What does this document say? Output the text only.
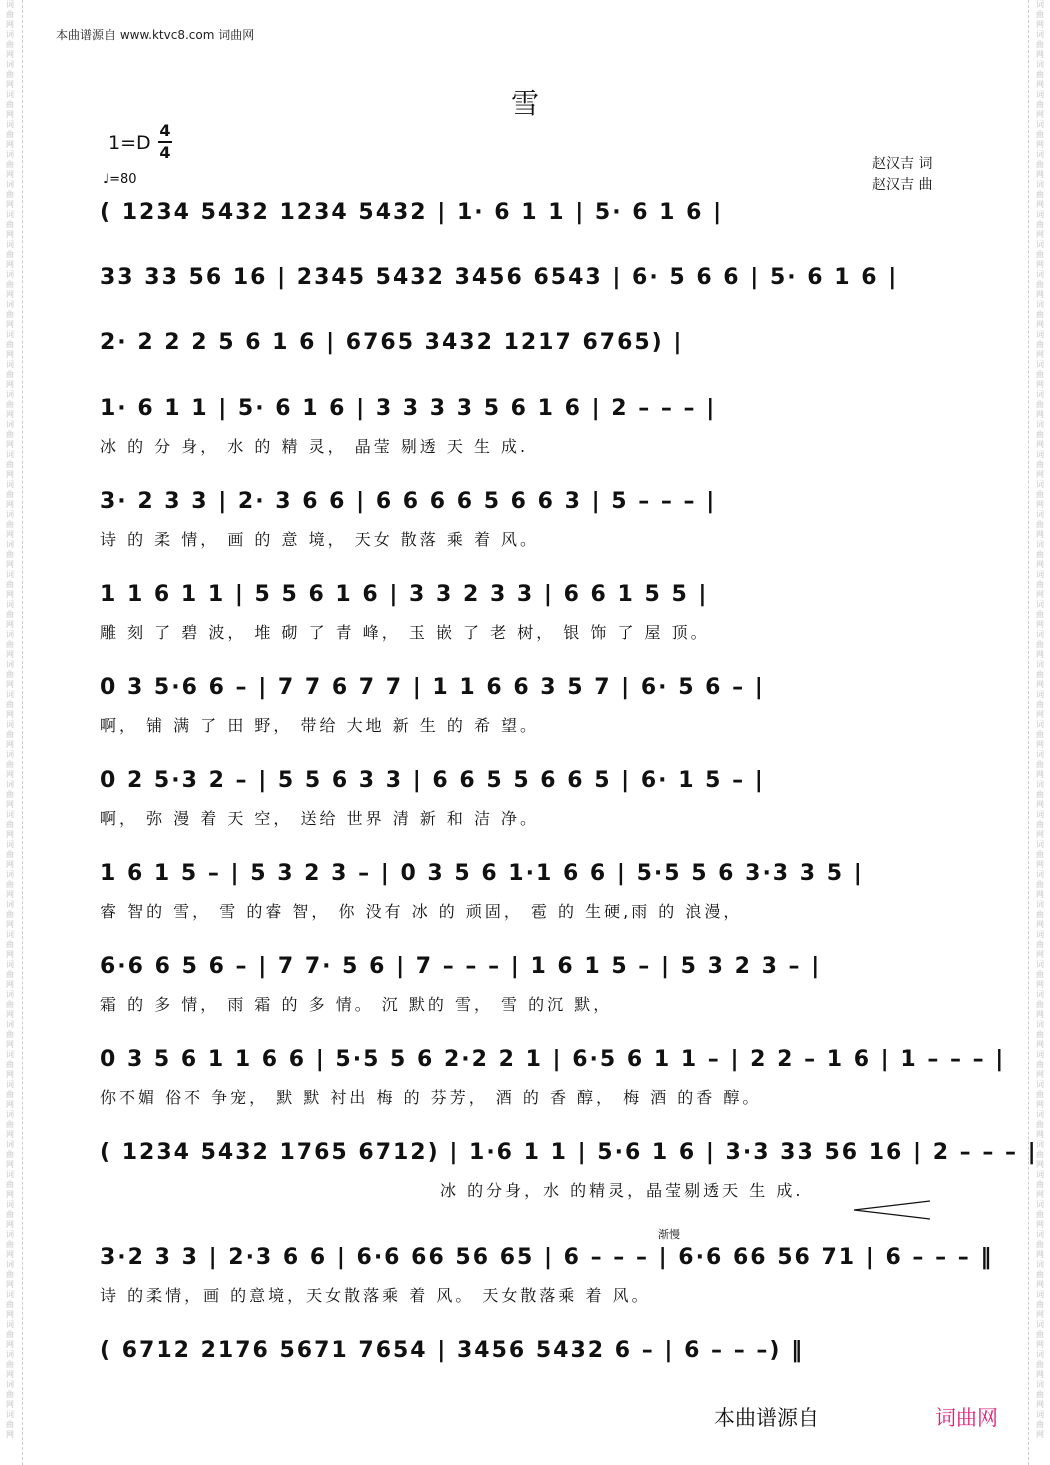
词
曲
网
词
曲
网
词
曲
网
词
曲
网
词
曲
网
词
曲
网
词
曲
网
词
曲
网
词
曲
网
词
曲
网
词
曲
网
词
曲
网
词
曲
网
词
曲
网
词
曲
网
词
曲
网
词
曲
网
词
曲
网
词
曲
网
词
曲
网
词
曲
网
词
曲
网
词
曲
网
词
曲
网
词
曲
网
词
曲
网
词
曲
网
词
曲
网
词
曲
网
词
曲
网
词
曲
网
词
曲
网
词
曲
网
词
曲
网
词
曲
网
词
曲
网
词
曲
网
词
曲
网
词
曲
网
词
曲
网
词
曲
网
词
曲
网
词
曲
网
词
曲
网
词
曲
网
词
曲
网
词
曲
网
词
曲
网
词
曲
网
词
曲
网
词
曲
网
词
曲
网
词
曲
网
词
曲
网
词
曲
网
词
曲
网
词
曲
网
词
曲
网
词
曲
网
词
曲
网
词
曲
网
词
曲
网
词
曲
网
词
曲
网
词
曲
网
词
曲
网
词
曲
网
词
曲
网
词
曲
网
词
曲
网
词
曲
网
词
曲
网
词
曲
网
词
曲
网
词
曲
网
词
曲
网
词
曲
网
词
曲
网
词
曲
网
词
曲
网
词
曲
网
词
曲
网
词
曲
网
词
曲
网
词
曲
网
词
曲
网
词
曲
网
词
曲
网
词
曲
网
词
曲
网
词
曲
网
词
曲
网
词
曲
网
词
曲
网
词
曲
网
词
曲
网
本曲谱源自 www.ktvc8.com 词曲网
雪
1=D
4
4
♩=80
赵汉吉 词
赵汉吉 曲
( 1234 5432 1234 5432 | 1· 6 1 1 | 5· 6 1 6 |
33 33 56 16 | 2345 5432 3456 6543 | 6· 5 6 6 | 5· 6 1 6 |
2· 2 2 2 5 6 1 6 | 6765 3432 1217 6765) |
1· 6 1 1 | 5· 6 1 6 | 3 3 3 3 5 6 1 6 | 2 – – – |
冰 的 分 身， 水 的 精 灵， 晶莹 剔透 天 生 成.
3· 2 3 3 | 2· 3 6 6 | 6 6 6 6 5 6 6 3 | 5 – – – |
诗 的 柔 情， 画 的 意 境， 天女 散落 乘 着 风。
1 1 6 1 1 | 5 5 6 1 6 | 3 3 2 3 3 | 6 6 1 5 5 |
雕 刻 了 碧 波， 堆 砌 了 青 峰， 玉 嵌 了 老 树， 银 饰 了 屋 顶。
0 3 5·6 6 – | 7 7 6 7 7 | 1 1 6 6 3 5 7 | 6· 5 6 – |
啊， 铺 满 了 田 野， 带给 大地 新 生 的 希 望。
0 2 5·3 2 – | 5 5 6 3 3 | 6 6 5 5 6 6 5 | 6· 1 5 – |
啊， 弥 漫 着 天 空， 送给 世界 清 新 和 洁 净。
1 6 1 5 – | 5 3 2 3 – | 0 3 5 6 1·1 6 6 | 5·5 5 6 3·3 3 5 |
睿 智的 雪， 雪 的睿 智， 你 没有 冰 的 顽固， 雹 的 生硬,雨 的 浪漫，
6·6 6 5 6 – | 7 7· 5 6 | 7 – – – | 1 6 1 5 – | 5 3 2 3 – |
霜 的 多 情， 雨 霜 的 多 情。 沉 默的 雪， 雪 的沉 默，
0 3 5 6 1 1 6 6 | 5·5 5 6 2·2 2 1 | 6·5 6 1 1 – | 2 2 – 1 6 | 1 – – – |
你不媚 俗不 争宠， 默 默 衬出 梅 的 芬芳， 酒 的 香 醇， 梅 酒 的香 醇。
( 1234 5432 1765 6712) | 1·6 1 1 | 5·6 1 6 | 3·3 33 56 16 | 2 – – – |
冰 的分身，水 的精灵，晶莹剔透天 生 成.
3·2 3 3 | 2·3 6 6 | 6·6 66 56 65 | 6 – – – | 6·6 66 56 71 | 6 – – – ‖
诗 的柔情，画 的意境，天女散落乘 着 风。 天女散落乘 着 风。
( 6712 2176 5671 7654 | 3456 5432 6 – | 6 – – –) ‖
渐慢
本曲谱源自	词曲网
